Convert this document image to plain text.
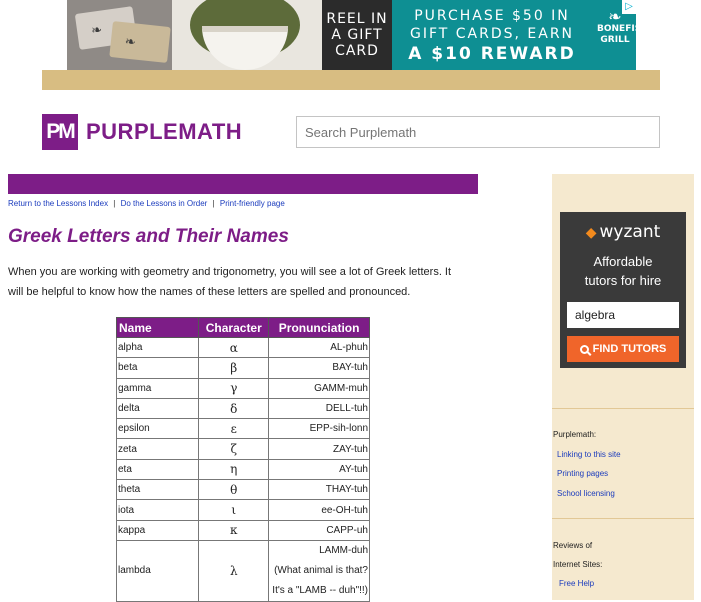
❧
❧
REEL IN
A GIFT
CARD
PURCHASE $50 IN
GIFT CARDS, EARN
A $10 REWARD
❧
BONEFISH
GRILL
▷
PM PURPLEMATH
Search Purplemath
Return to the Lessons Index | Do the Lessons in Order | Print-friendly page
Greek Letters and Their Names

When you are working with geometry and trigonometry, you will see a lot of Greek letters. It will be helpful to know how the names of these letters are spelled and pronounced.

Name	Character	Pronunciation
alpha	α	AL-phuh
beta	β	BAY-tuh
gamma	γ	GAMM-muh
delta	δ	DELL-tuh
epsilon	ε	EPP-sih-lonn
zeta	ζ	ZAY-tuh
eta	η	AY-tuh
theta	θ	THAY-tuh
iota	ι	ee-OH-tuh
kappa	κ	CAPP-uh
lambda	λ	LAMM-duh
(What animal is that?
It's a "LAMB -- duh"!!)
◆ wyzant
Affordable
tutors for hire
algebra
FIND TUTORS
Purplemath:
Linking to this site
Printing pages
School licensing
Reviews of
Internet Sites:
Free Help
